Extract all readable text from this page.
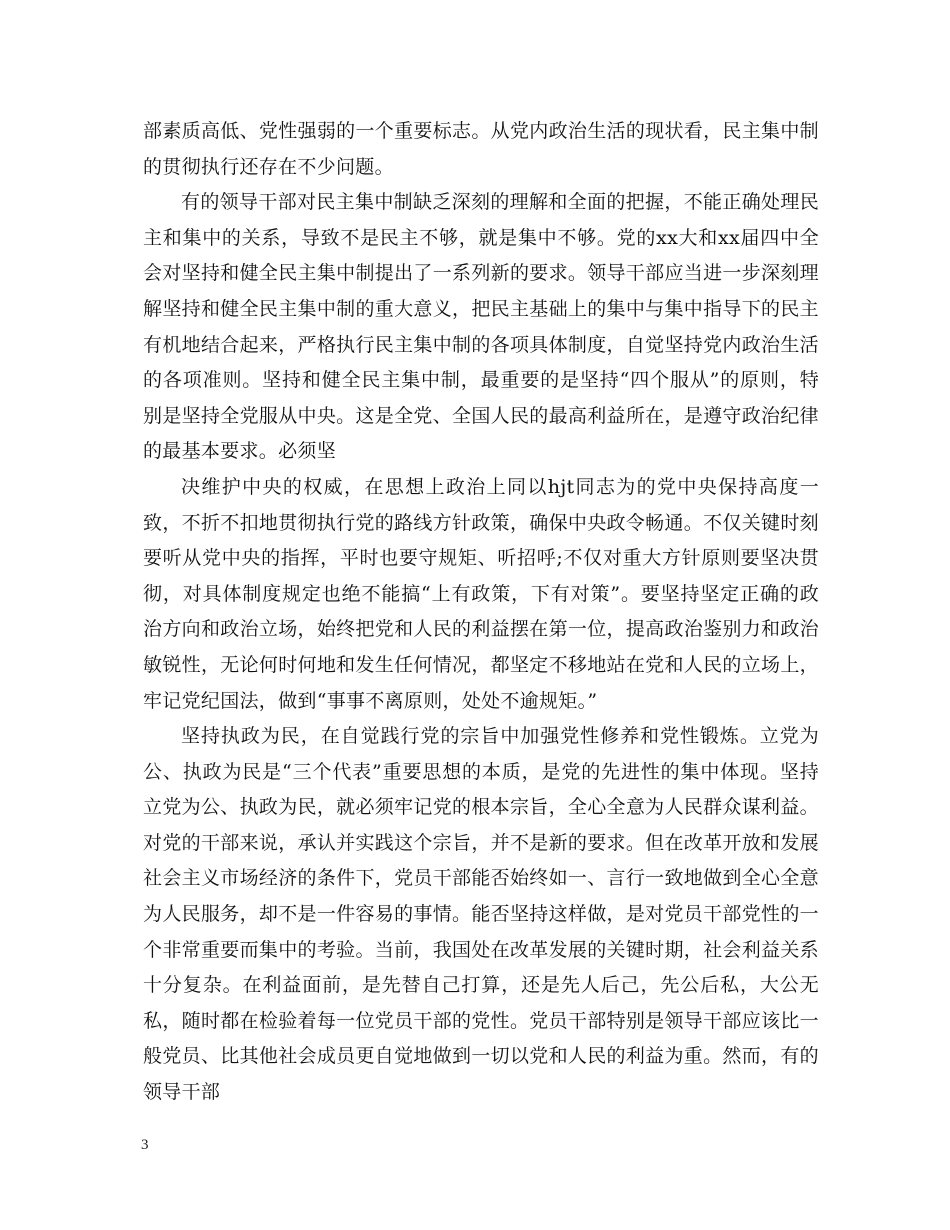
部素质高低、党性强弱的一个重要标志。从党内政治生活的现状看，民主集中制的贯彻执行还存在不少问题。

有的领导干部对民主集中制缺乏深刻的理解和全面的把握，不能正确处理民主和集中的关系，导致不是民主不够，就是集中不够。党的xx大和xx届四中全会对坚持和健全民主集中制提出了一系列新的要求。领导干部应当进一步深刻理解坚持和健全民主集中制的重大意义，把民主基础上的集中与集中指导下的民主有机地结合起来，严格执行民主集中制的各项具体制度，自觉坚持党内政治生活的各项准则。坚持和健全民主集中制，最重要的是坚持“四个服从”的原则，特别是坚持全党服从中央。这是全党、全国人民的最高利益所在，是遵守政治纪律的最基本要求。必须坚

决维护中央的权威，在思想上政治上同以hjt同志为的党中央保持高度一致，不折不扣地贯彻执行党的路线方针政策，确保中央政令畅通。不仅关键时刻要听从党中央的指挥，平时也要守规矩、听招呼;不仅对重大方针原则要坚决贯彻，对具体制度规定也绝不能搞“上有政策，下有对策”。要坚持坚定正确的政治方向和政治立场，始终把党和人民的利益摆在第一位，提高政治鉴别力和政治敏锐性，无论何时何地和发生任何情况，都坚定不移地站在党和人民的立场上，牢记党纪国法，做到“事事不离原则，处处不逾规矩。”

坚持执政为民，在自觉践行党的宗旨中加强党性修养和党性锻炼。立党为公、执政为民是“三个代表”重要思想的本质，是党的先进性的集中体现。坚持立党为公、执政为民，就必须牢记党的根本宗旨，全心全意为人民群众谋利益。对党的干部来说，承认并实践这个宗旨，并不是新的要求。但在改革开放和发展社会主义市场经济的条件下，党员干部能否始终如一、言行一致地做到全心全意为人民服务，却不是一件容易的事情。能否坚持这样做，是对党员干部党性的一个非常重要而集中的考验。当前，我国处在改革发展的关键时期，社会利益关系十分复杂。在利益面前，是先替自己打算，还是先人后己，先公后私，大公无私，随时都在检验着每一位党员干部的党性。党员干部特别是领导干部应该比一般党员、比其他社会成员更自觉地做到一切以党和人民的利益为重。然而，有的领导干部

3
